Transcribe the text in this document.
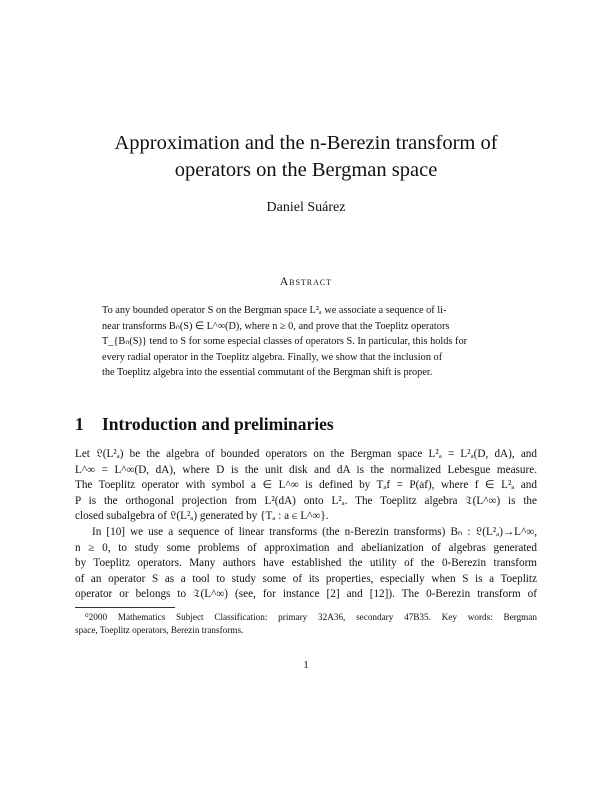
Approximation and the n-Berezin transform of
operators on the Bergman space
Daniel Suárez
Abstract
To any bounded operator S on the Bergman space L²ₐ we associate a sequence of li-
near transforms Bₙ(S) ∈ L^∞(D), where n ≥ 0, and prove that the Toeplitz operators
T_{Bₙ(S)} tend to S for some especial classes of operators S. In particular, this holds for
every radial operator in the Toeplitz algebra. Finally, we show that the inclusion of
the Toeplitz algebra into the essential commutant of the Bergman shift is proper.
1 Introduction and preliminaries
Let 𝔏(L²ₐ) be the algebra of bounded operators on the Bergman space L²ₐ = L²ₐ(D, dA), and
L^∞ = L^∞(D, dA), where D is the unit disk and dA is the normalized Lebesgue measure.
The Toeplitz operator with symbol a ∈ L^∞ is defined by Tₐf = P(af), where f ∈ L²ₐ and
P is the orthogonal projection from L²(dA) onto L²ₐ. The Toeplitz algebra 𝔗(L^∞) is the
closed subalgebra of 𝔏(L²ₐ) generated by {Tₐ : a ∈ L^∞}.
In [10] we use a sequence of linear transforms (the n-Berezin transforms) Bₙ : 𝔏(L²ₐ)→L^∞,
n ≥ 0, to study some problems of approximation and abelianization of algebras generated
by Toeplitz operators. Many authors have established the utility of the 0-Berezin transform
of an operator S as a tool to study some of its properties, especially when S is a Toeplitz
operator or belongs to 𝔗(L^∞) (see, for instance [2] and [12]). The 0-Berezin transform of
⁰2000 Mathematics Subject Classification: primary 32A36, secondary 47B35. Key words: Bergman
space, Toeplitz operators, Berezin transforms.
1
